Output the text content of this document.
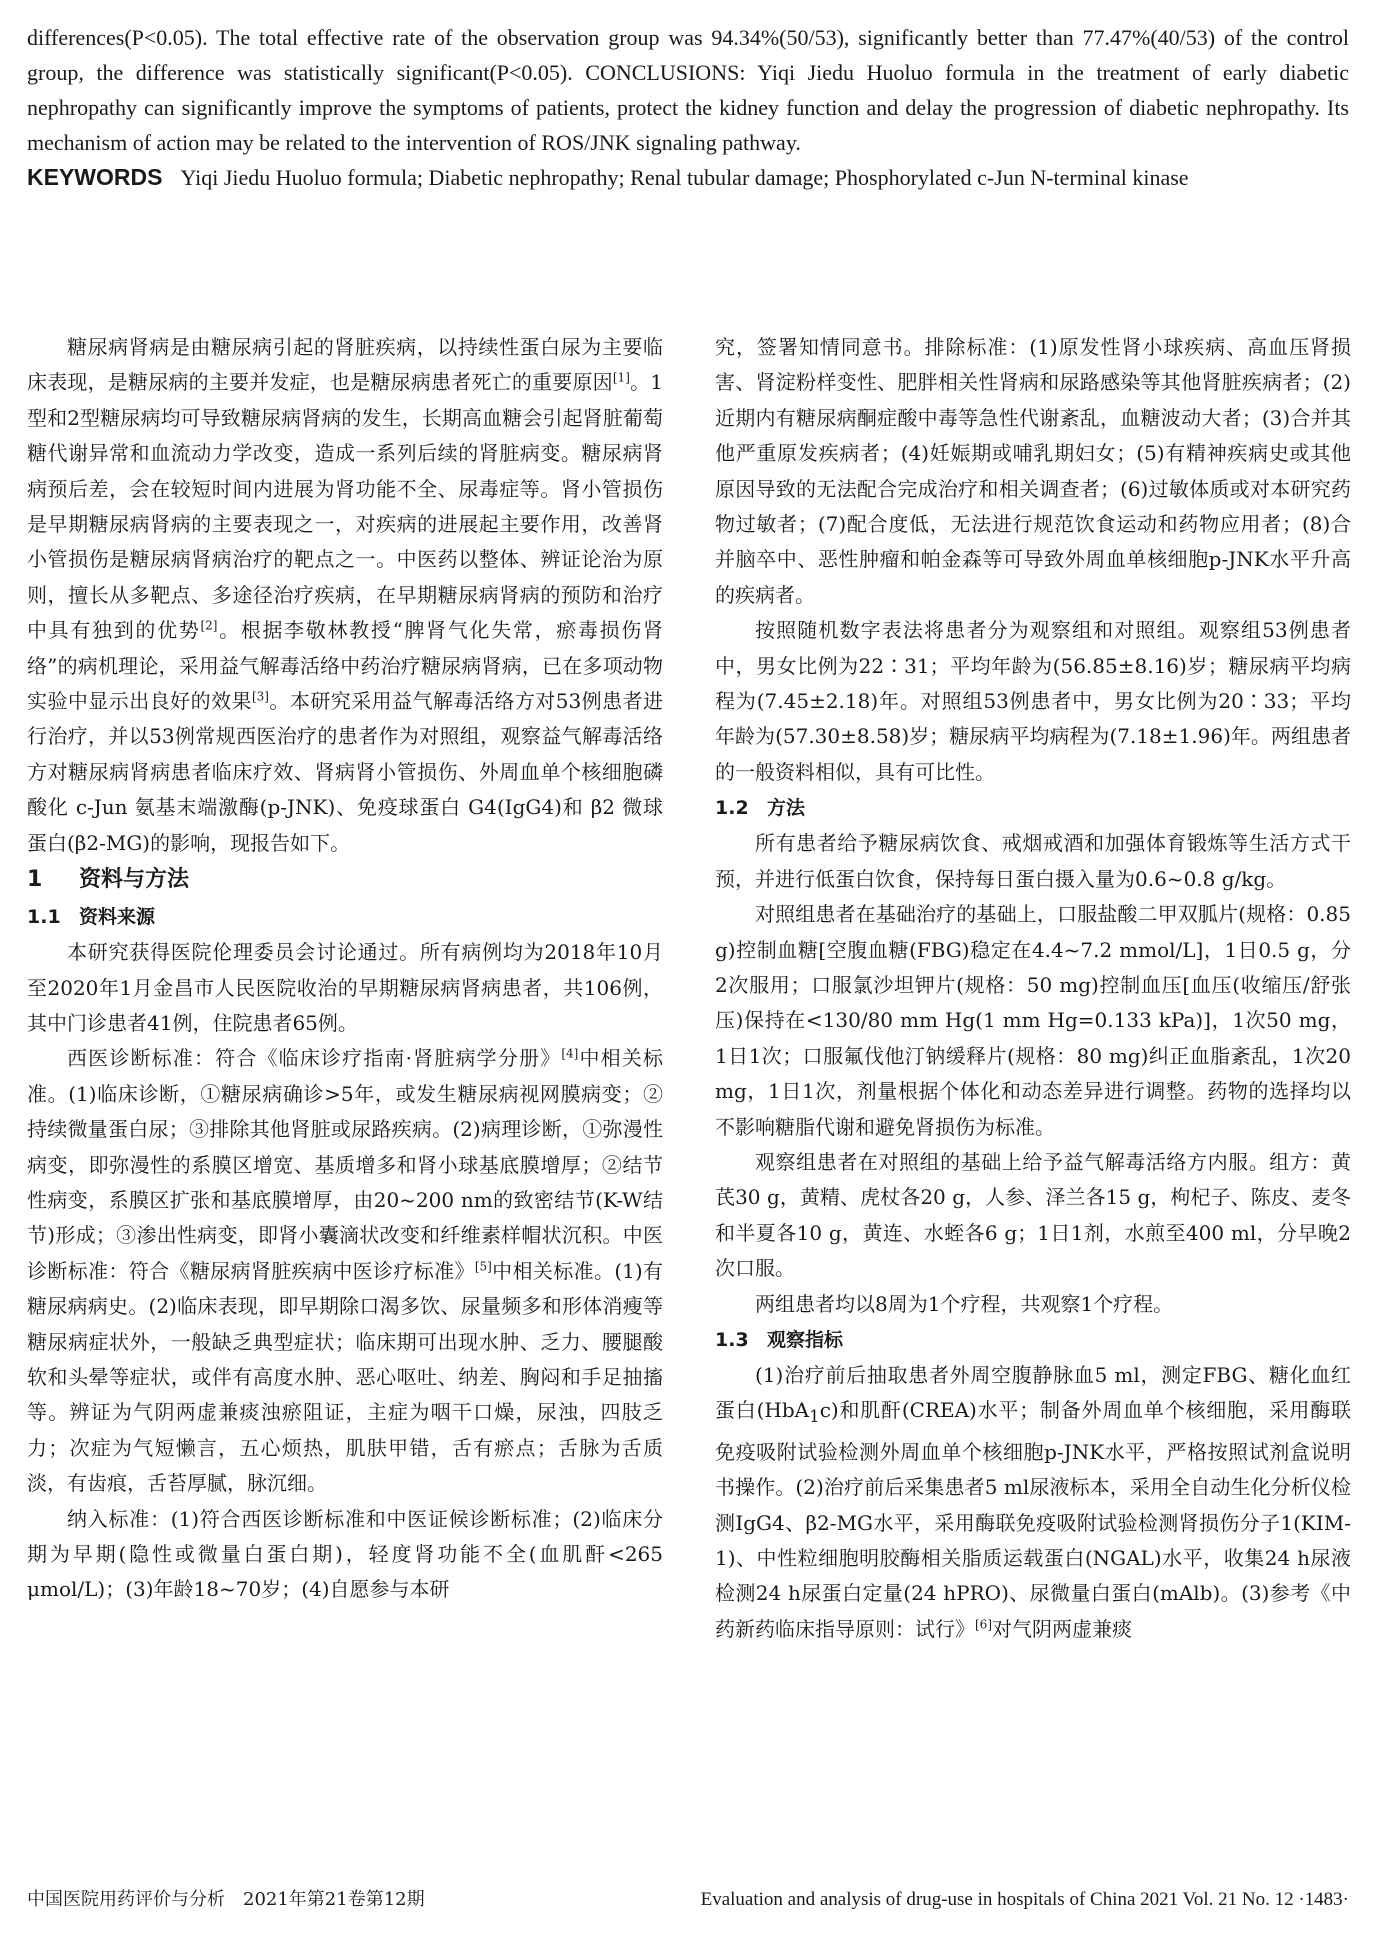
differences(P<0.05). The total effective rate of the observation group was 94.34%(50/53), significantly better than 77.47%(40/53) of the control group, the difference was statistically significant(P<0.05). CONCLUSIONS: Yiqi Jiedu Huoluo formula in the treatment of early diabetic nephropathy can significantly improve the symptoms of patients, protect the kidney function and delay the progression of diabetic nephropathy. Its mechanism of action may be related to the intervention of ROS/JNK signaling pathway.

KEYWORDS Yiqi Jiedu Huoluo formula; Diabetic nephropathy; Renal tubular damage; Phosphorylated c-Jun N-terminal kinase

糖尿病肾病是由糖尿病引起的肾脏疾病，以持续性蛋白尿为主要临床表现，是糖尿病的主要并发症，也是糖尿病患者死亡的重要原因[1]。1型和2型糖尿病均可导致糖尿病肾病的发生，长期高血糖会引起肾脏葡萄糖代谢异常和血流动力学改变，造成一系列后续的肾脏病变。糖尿病肾病预后差，会在较短时间内进展为肾功能不全、尿毒症等。肾小管损伤是早期糖尿病肾病的主要表现之一，对疾病的进展起主要作用，改善肾小管损伤是糖尿病肾病治疗的靶点之一。中医药以整体、辨证论治为原则，擅长从多靶点、多途径治疗疾病，在早期糖尿病肾病的预防和治疗中具有独到的优势[2]。根据李敬林教授“脾肾气化失常，瘀毒损伤肾络”的病机理论，采用益气解毒活络中药治疗糖尿病肾病，已在多项动物实验中显示出良好的效果[3]。本研究采用益气解毒活络方对53例患者进行治疗，并以53例常规西医治疗的患者作为对照组，观察益气解毒活络方对糖尿病肾病患者临床疗效、肾病肾小管损伤、外周血单个核细胞磷酸化 c-Jun 氨基末端激酶(p-JNK)、免疫球蛋白 G4(IgG4)和 β2 微球蛋白(β2-MG)的影响，现报告如下。

1 资料与方法
1.1 资料来源

本研究获得医院伦理委员会讨论通过。所有病例均为2018年10月至2020年1月金昌市人民医院收治的早期糖尿病肾病患者，共106例，其中门诊患者41例，住院患者65例。

西医诊断标准：符合《临床诊疗指南·肾脏病学分册》[4]中相关标准。(1)临床诊断，①糖尿病确诊>5年，或发生糖尿病视网膜病变；②持续微量蛋白尿；③排除其他肾脏或尿路疾病。(2)病理诊断，①弥漫性病变，即弥漫性的系膜区增宽、基质增多和肾小球基底膜增厚；②结节性病变，系膜区扩张和基底膜增厚，由20~200 nm的致密结节(K-W结节)形成；③渗出性病变，即肾小囊滴状改变和纤维素样帽状沉积。中医诊断标准：符合《糖尿病肾脏疾病中医诊疗标准》[5]中相关标准。(1)有糖尿病病史。(2)临床表现，即早期除口渴多饮、尿量频多和形体消瘦等糖尿病症状外，一般缺乏典型症状；临床期可出现水肿、乏力、腰腿酸软和头晕等症状，或伴有高度水肿、恶心呕吐、纳差、胸闷和手足抽搐等。辨证为气阴两虚兼痰浊瘀阻证，主症为咽干口燥，尿浊，四肢乏力；次症为气短懒言，五心烦热，肌肤甲错，舌有瘀点；舌脉为舌质淡，有齿痕，舌苔厚腻，脉沉细。

纳入标准：(1)符合西医诊断标准和中医证候诊断标准；(2)临床分期为早期(隐性或微量白蛋白期)，轻度肾功能不全(血肌酐<265 μmol/L)；(3)年龄18~70岁；(4)自愿参与本研

究，签署知情同意书。排除标准：(1)原发性肾小球疾病、高血压肾损害、肾淀粉样变性、肥胖相关性肾病和尿路感染等其他肾脏疾病者；(2)近期内有糖尿病酮症酸中毒等急性代谢紊乱，血糖波动大者；(3)合并其他严重原发疾病者；(4)妊娠期或哺乳期妇女；(5)有精神疾病史或其他原因导致的无法配合完成治疗和相关调查者；(6)过敏体质或对本研究药物过敏者；(7)配合度低，无法进行规范饮食运动和药物应用者；(8)合并脑卒中、恶性肿瘤和帕金森等可导致外周血单核细胞p-JNK水平升高的疾病者。

按照随机数字表法将患者分为观察组和对照组。观察组53例患者中，男女比例为22∶31；平均年龄为(56.85±8.16)岁；糖尿病平均病程为(7.45±2.18)年。对照组53例患者中，男女比例为20∶33；平均年龄为(57.30±8.58)岁；糖尿病平均病程为(7.18±1.96)年。两组患者的一般资料相似，具有可比性。

1.2 方法

所有患者给予糖尿病饮食、戒烟戒酒和加强体育锻炼等生活方式干预，并进行低蛋白饮食，保持每日蛋白摄入量为0.6~0.8 g/kg。

对照组患者在基础治疗的基础上，口服盐酸二甲双胍片(规格：0.85 g)控制血糖[空腹血糖(FBG)稳定在4.4~7.2 mmol/L]，1日0.5 g，分2次服用；口服氯沙坦钾片(规格：50 mg)控制血压[血压(收缩压/舒张压)保持在<130/80 mm Hg(1 mm Hg=0.133 kPa)]，1次50 mg，1日1次；口服氟伐他汀钠缓释片(规格：80 mg)纠正血脂紊乱，1次20 mg，1日1次，剂量根据个体化和动态差异进行调整。药物的选择均以不影响糖脂代谢和避免肾损伤为标准。

观察组患者在对照组的基础上给予益气解毒活络方内服。组方：黄芪30 g，黄精、虎杖各20 g，人参、泽兰各15 g，枸杞子、陈皮、麦冬和半夏各10 g，黄连、水蛭各6 g；1日1剂，水煎至400 ml，分早晚2次口服。

两组患者均以8周为1个疗程，共观察1个疗程。

1.3 观察指标

(1)治疗前后抽取患者外周空腹静脉血5 ml，测定FBG、糖化血红蛋白(HbA$_1$c)和肌酐(CREA)水平；制备外周血单个核细胞，采用酶联免疫吸附试验检测外周血单个核细胞p-JNK水平，严格按照试剂盒说明书操作。(2)治疗前后采集患者5 ml尿液标本，采用全自动生化分析仪检测IgG4、β2-MG水平，采用酶联免疫吸附试验检测肾损伤分子1(KIM-1)、中性粒细胞明胶酶相关脂质运载蛋白(NGAL)水平，收集24 h尿液检测24 h尿蛋白定量(24 hPRO)、尿微量白蛋白(mAlb)。(3)参考《中药新药临床指导原则：试行》[6]对气阴两虚兼痰

中国医院用药评价与分析　2021年第21卷第12期	Evaluation and analysis of drug-use in hospitals of China 2021 Vol. 21 No. 12 ·1483·
